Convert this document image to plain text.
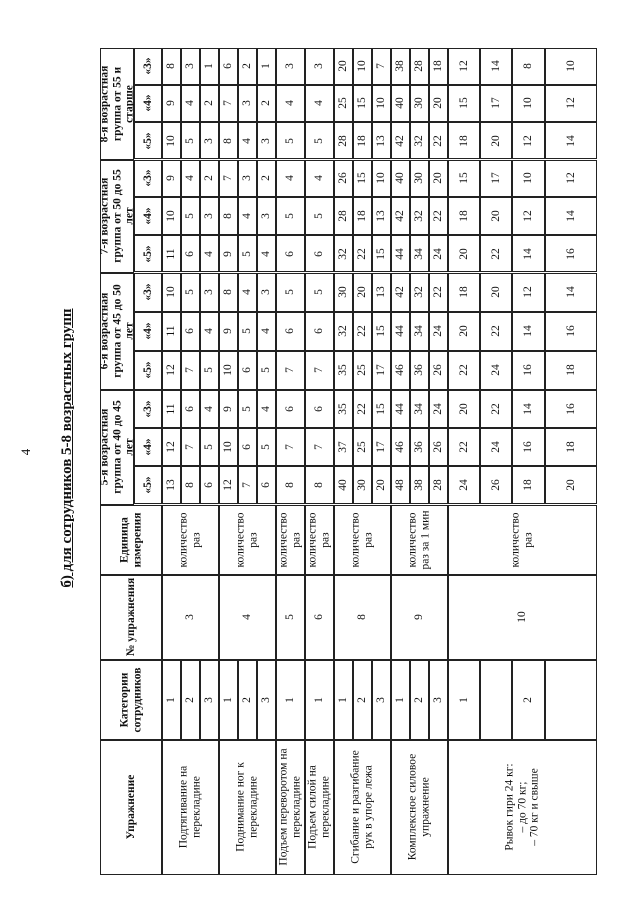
4 б) для сотрудников 5-8 возрастных групп
Упражнение
Категории сотрудников
№ упражнения
Единица измерения
5-я возрастная группа от 40 до 45 лет
«5»
«4»
«3»
6-я возрастная группа от 45 до 50 лет
«5»
«4»
«3»
7-я возрастная группа от 50 до 55 лет
«5»
«4»
«3»
8-я возрастная группа от 55 и старше
«5»
«4»
«3»
Подтягивание на перекладине
3
количество раз
1
13
12
11
12
11
10
11
10
9
10
9
8
2
8
7
6
7
6
5
6
5
4
5
4
3
3
6
5
4
5
4
3
4
3
2
3
2
1
Поднимание ног к перекладине
4
количество раз
1
12
10
9
10
9
8
9
8
7
8
7
6
2
7
6
5
6
5
4
5
4
3
4
3
2
3
6
5
4
5
4
3
4
3
2
3
2
1
Подъем переворотом на перекладине
5
количество раз
1
8
7
6
7
6
5
6
5
4
5
4
3
Подъем силой на перекладине
6
количество раз
1
8
7
6
7
6
5
6
5
4
5
4
3
Сгибание и разгибание рук в упоре лежа
8
количество раз
1
40
37
35
35
32
30
32
28
26
28
25
20
2
30
25
22
25
22
20
22
18
15
18
15
10
3
20
17
15
17
15
13
15
13
10
13
10
7
Комплексное силовое упражнение
9
количество раз за 1 мин
1
48
46
44
46
44
42
44
42
40
42
40
38
2
38
36
34
36
34
32
34
32
30
32
30
28
3
28
26
24
26
24
22
24
22
20
22
20
18
Рывок гири 24 кг:
– до 70 кг;
– 70 кг и свыше
10
количество раз
1
24
22
20
22
20
18
20
18
15
18
15
12
26
24
22
24
22
20
22
20
17
20
17
14
2
18
16
14
16
14
12
14
12
10
12
10
8
20
18
16
18
16
14
16
14
12
14
12
10
